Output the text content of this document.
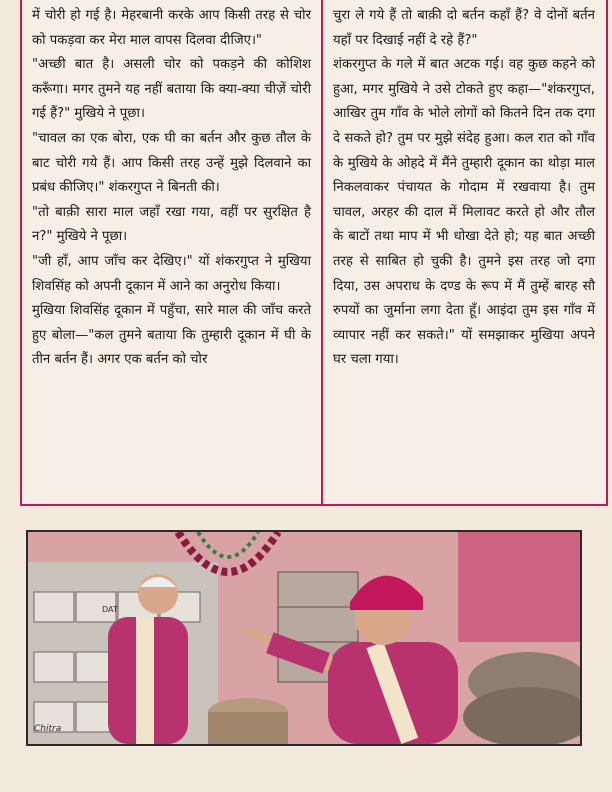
में चोरी हो गई है। मेहरबानी करके आप किसी तरह से चोर को पकड़वा कर मेरा माल वापस दिलवा दीजिए।"

"अच्छी बात है। असली चोर को पकड़ने की कोशिश करूँगा। मगर तुमने यह नहीं बताया कि क्या-क्या चीज़ें चोरी गई हैं?" मुखिये ने पूछा।

"चावल का एक बोरा, एक घी का बर्तन और कुछ तौल के बाट चोरी गये हैं। आप किसी तरह उन्हें मुझे दिलवाने का प्रबंध कीजिए।" शंकरगुप्त ने बिनती की।

"तो बाक़ी सारा माल जहाँ रखा गया, वहीं पर सुरक्षित है न?" मुखिये ने पूछा।

"जी हाँ, आप जाँच कर देखिए।" यों शंकरगुप्त ने मुखिया शिवसिंह को अपनी दूकान में आने का अनुरोध किया।

मुखिया शिवसिंह दूकान में पहुँचा, सारे माल की जाँच करते हुए बोला—"कल तुमने बताया कि तुम्हारी दूकान में घी के तीन बर्तन हैं। अगर एक बर्तन को चोर

चुरा ले गये हैं तो बाक़ी दो बर्तन कहाँ हैं? वे दोनों बर्तन यहाँ पर दिखाई नहीं दे रहे हैं?"

शंकरगुप्त के गले में बात अटक गई। वह कुछ कहने को हुआ, मगर मुखिये ने उसे टोकते हुए कहा—"शंकरगुप्त, आखिर तुम गाँव के भोले लोगों को कितने दिन तक दगा दे सकते हो? तुम पर मुझे संदेह हुआ। कल रात को गाँव के मुखिये के ओहदे में मैंने तुम्हारी दूकान का थोड़ा माल निकलवाकर पंचायत के गोदाम में रखवाया है। तुम चावल, अरहर की दाल में मिलावट करते हो और तौल के बाटों तथा माप में भी धोखा देते हो; यह बात अच्छी तरह से साबित हो चुकी है। तुमने इस तरह जो दगा दिया, उस अपराध के दण्ड के रूप में मैं तुम्हें बारह सौ रुपयों का जुर्माना लगा देता हूँ। आइंदा तुम इस गाँव में व्यापार नहीं कर सकते।" यों समझाकर मुखिया अपने घर चला गया।

DAT
Chitra
